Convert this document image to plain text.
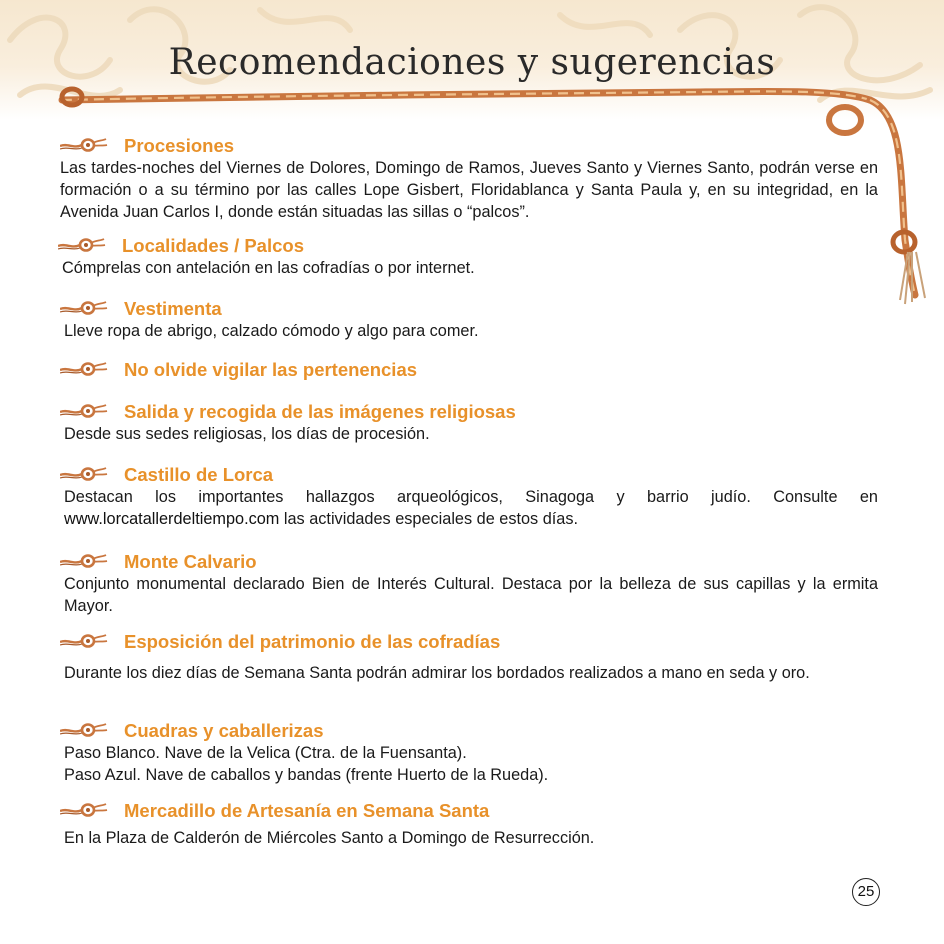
Recomendaciones y sugerencias
Procesiones

Las tardes-noches del Viernes de Dolores, Domingo de Ramos, Jueves Santo y Viernes Santo, podrán verse en formación o a su término por las calles Lope Gisbert, Floridablanca y Santa Paula y, en su integridad, en la Avenida Juan Carlos I, donde están situadas las sillas o “palcos”.

Localidades / Palcos

Cómprelas con antelación en las cofradías o por internet.

Vestimenta

Lleve ropa de abrigo, calzado cómodo y algo para comer.

No olvide vigilar las pertenencias
Salida y recogida de las imágenes religiosas

Desde sus sedes religiosas, los días de procesión.

Castillo de Lorca

Destacan los importantes hallazgos arqueológicos, Sinagoga y barrio judío. Consulte en www.lorcatallerdeltiempo.com las actividades especiales de estos días.

Monte Calvario

Conjunto monumental declarado Bien de Interés Cultural. Destaca por la belleza de sus capillas y la ermita Mayor.

Esposición del patrimonio de las cofradías

Durante los diez días de Semana Santa podrán admirar los bordados realizados a mano en seda y oro.

Cuadras y caballerizas

Paso Blanco. Nave de la Velica (Ctra. de la Fuensanta).

Paso Azul. Nave de caballos y bandas (frente Huerto de la Rueda).

Mercadillo de Artesanía en Semana Santa

En la Plaza de Calderón de Miércoles Santo a Domingo de Resurrección.

25
